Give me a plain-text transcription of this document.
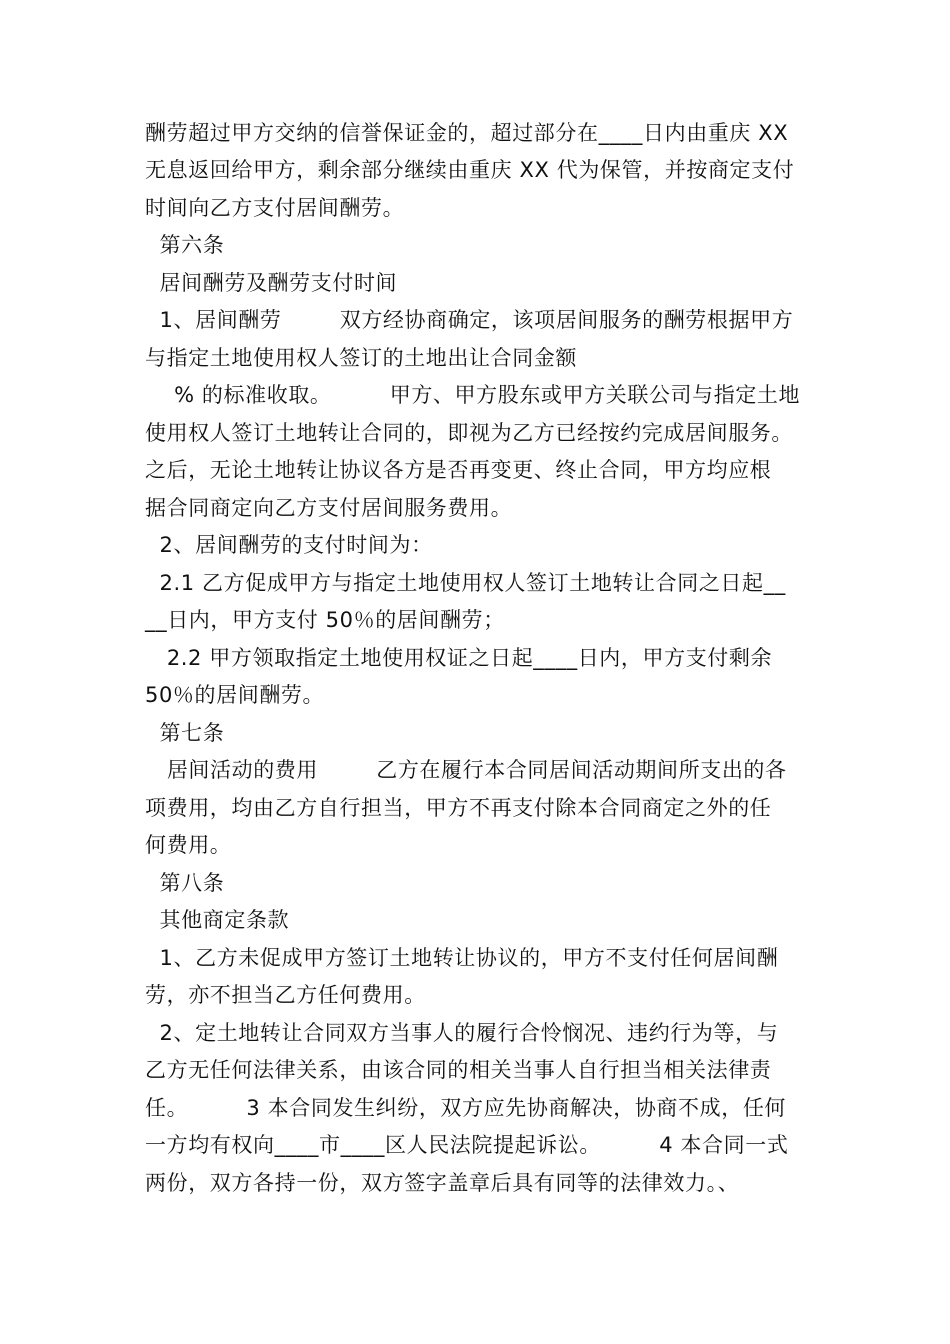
酬劳超过甲方交纳的信誉保证金的，超过部分在____日内由重庆 XX
无息返回给甲方，剩余部分继续由重庆 XX 代为保管，并按商定支付
时间向乙方支付居间酬劳。
第六条
居间酬劳及酬劳支付时间
1、居间酬劳        双方经协商确定，该项居间服务的酬劳根据甲方
与指定土地使用权人签订的土地出让合同金额
% 的标准收取。        甲方、甲方股东或甲方关联公司与指定土地
使用权人签订土地转让合同的，即视为乙方已经按约完成居间服务。
之后，无论土地转让协议各方是否再变更、终止合同，甲方均应根
据合同商定向乙方支付居间服务费用。
2、居间酬劳的支付时间为：
2.1 乙方促成甲方与指定土地使用权人签订土地转让合同之日起__
__日内，甲方支付 50％的居间酬劳；
2.2 甲方领取指定土地使用权证之日起____日内，甲方支付剩余
50％的居间酬劳。
第七条
居间活动的费用        乙方在履行本合同居间活动期间所支出的各
项费用，均由乙方自行担当，甲方不再支付除本合同商定之外的任
何费用。
第八条
其他商定条款
1、乙方未促成甲方签订土地转让协议的，甲方不支付任何居间酬
劳，亦不担当乙方任何费用。
2、定土地转让合同双方当事人的履行合怜悯况、违约行为等，与
乙方无任何法律关系，由该合同的相关当事人自行担当相关法律责
任。        3 本合同发生纠纷，双方应先协商解决，协商不成，任何
一方均有权向____市____区人民法院提起诉讼。        4 本合同一式
两份，双方各持一份，双方签字盖章后具有同等的法律效力。、
